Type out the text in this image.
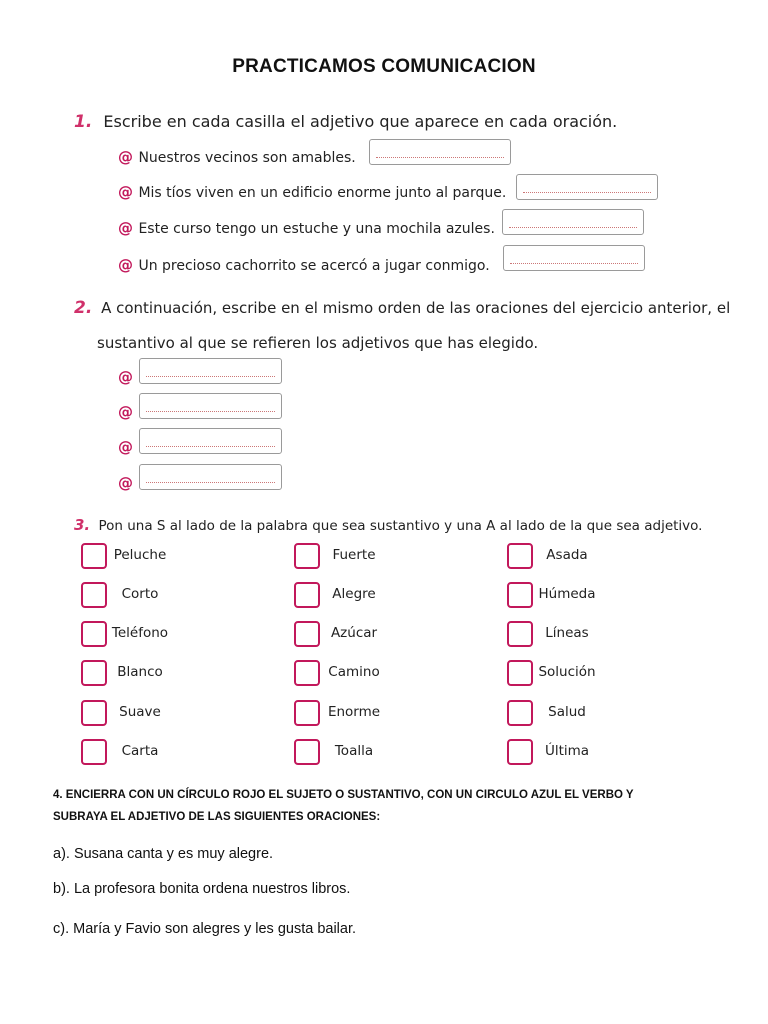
PRACTICAMOS COMUNICACION
1. Escribe en cada casilla el adjetivo que aparece en cada oración.
@ Nuestros vecinos son amables.
@ Mis tíos viven en un edificio enorme junto al parque.
@ Este curso tengo un estuche y una mochila azules.
@ Un precioso cachorrito se acercó a jugar conmigo.
2. A continuación, escribe en el mismo orden de las oraciones del ejercicio anterior, el
sustantivo al que se refieren los adjetivos que has elegido.
@
@
@
@
3. Pon una S al lado de la palabra que sea sustantivo y una A al lado de la que sea adjetivo.
Peluche
Corto
Teléfono
Blanco
Suave
Carta
Fuerte
Alegre
Azúcar
Camino
Enorme
Toalla
Asada
Húmeda
Líneas
Solución
Salud
Última
4. ENCIERRA CON UN CÍRCULO ROJO EL SUJETO O SUSTANTIVO, CON UN CIRCULO AZUL EL VERBO Y
SUBRAYA EL ADJETIVO DE LAS SIGUIENTES ORACIONES:
a). Susana canta y es muy alegre.
b). La profesora bonita ordena nuestros libros.
c). María y Favio son alegres y les gusta bailar.
